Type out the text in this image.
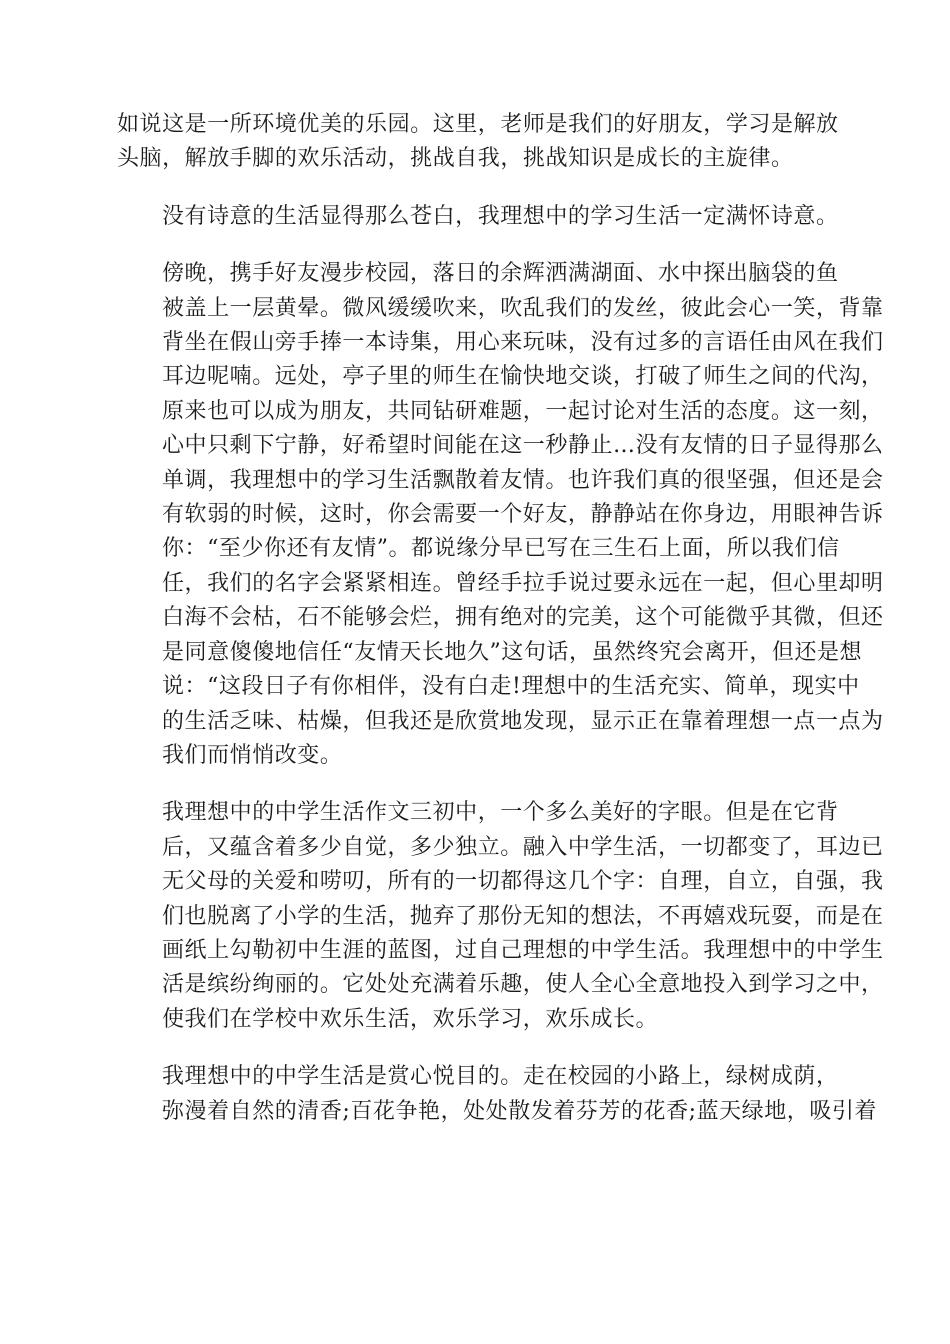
如说这是一所环境优美的乐园。这里，老师是我们的好朋友，学习是解放
头脑，解放手脚的欢乐活动，挑战自我，挑战知识是成长的主旋律。

没有诗意的生活显得那么苍白，我理想中的学习生活一定满怀诗意。

傍晚，携手好友漫步校园，落日的余辉洒满湖面、水中探出脑袋的鱼
被盖上一层黄晕。微风缓缓吹来，吹乱我们的发丝，彼此会心一笑，背靠
背坐在假山旁手捧一本诗集，用心来玩味，没有过多的言语任由风在我们
耳边呢喃。远处，亭子里的师生在愉快地交谈，打破了师生之间的代沟，
原来也可以成为朋友，共同钻研难题，一起讨论对生活的态度。这一刻，
心中只剩下宁静，好希望时间能在这一秒静止…没有友情的日子显得那么
单调，我理想中的学习生活飘散着友情。也许我们真的很坚强，但还是会
有软弱的时候，这时，你会需要一个好友，静静站在你身边，用眼神告诉
你：“至少你还有友情”。都说缘分早已写在三生石上面，所以我们信
任，我们的名字会紧紧相连。曾经手拉手说过要永远在一起，但心里却明
白海不会枯，石不能够会烂，拥有绝对的完美，这个可能微乎其微，但还
是同意傻傻地信任“友情天长地久”这句话，虽然终究会离开，但还是想
说：“这段日子有你相伴，没有白走!理想中的生活充实、简单，现实中
的生活乏味、枯燥，但我还是欣赏地发现，显示正在靠着理想一点一点为
我们而悄悄改变。

我理想中的中学生活作文三初中，一个多么美好的字眼。但是在它背
后，又蕴含着多少自觉，多少独立。融入中学生活，一切都变了，耳边已
无父母的关爱和唠叨，所有的一切都得这几个字：自理，自立，自强，我
们也脱离了小学的生活，抛弃了那份无知的想法，不再嬉戏玩耍，而是在
画纸上勾勒初中生涯的蓝图，过自己理想的中学生活。我理想中的中学生
活是缤纷绚丽的。它处处充满着乐趣，使人全心全意地投入到学习之中，
使我们在学校中欢乐生活，欢乐学习，欢乐成长。

我理想中的中学生活是赏心悦目的。走在校园的小路上，绿树成荫，
弥漫着自然的清香;百花争艳，处处散发着芬芳的花香;蓝天绿地，吸引着
